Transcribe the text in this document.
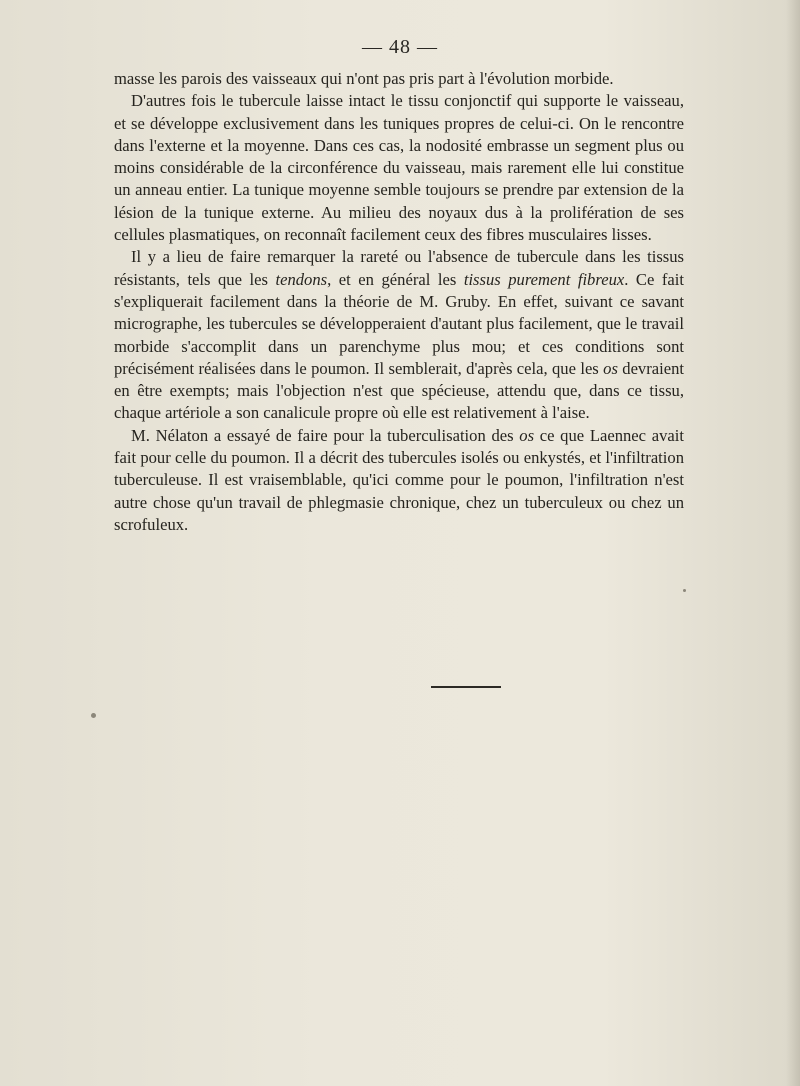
— 48 —

masse les parois des vaisseaux qui n'ont pas pris part à l'évolution morbide.

D'autres fois le tubercule laisse intact le tissu conjonctif qui supporte le vaisseau, et se développe exclusivement dans les tuniques propres de celui-ci. On le rencontre dans l'externe et la moyenne. Dans ces cas, la nodosité embrasse un segment plus ou moins considérable de la circonférence du vaisseau, mais rarement elle lui constitue un anneau entier. La tunique moyenne semble toujours se prendre par extension de la lésion de la tunique externe. Au milieu des noyaux dus à la prolifération de ses cellules plasmatiques, on reconnaît facilement ceux des fibres musculaires lisses.

Il y a lieu de faire remarquer la rareté ou l'absence de tubercule dans les tissus résistants, tels que les tendons, et en général les tissus purement fibreux. Ce fait s'expliquerait facilement dans la théorie de M. Gruby. En effet, suivant ce savant micrographe, les tubercules se développeraient d'autant plus facilement, que le travail morbide s'accomplit dans un parenchyme plus mou; et ces conditions sont précisément réalisées dans le poumon. Il semblerait, d'après cela, que les os devraient en être exempts; mais l'objection n'est que spécieuse, attendu que, dans ce tissu, chaque artériole a son canalicule propre où elle est relativement à l'aise.

M. Nélaton a essayé de faire pour la tuberculisation des os ce que Laennec avait fait pour celle du poumon. Il a décrit des tubercules isolés ou enkystés, et l'infiltration tuberculeuse. Il est vraisemblable, qu'ici comme pour le poumon, l'infiltration n'est autre chose qu'un travail de phlegmasie chronique, chez un tuberculeux ou chez un scrofuleux.
